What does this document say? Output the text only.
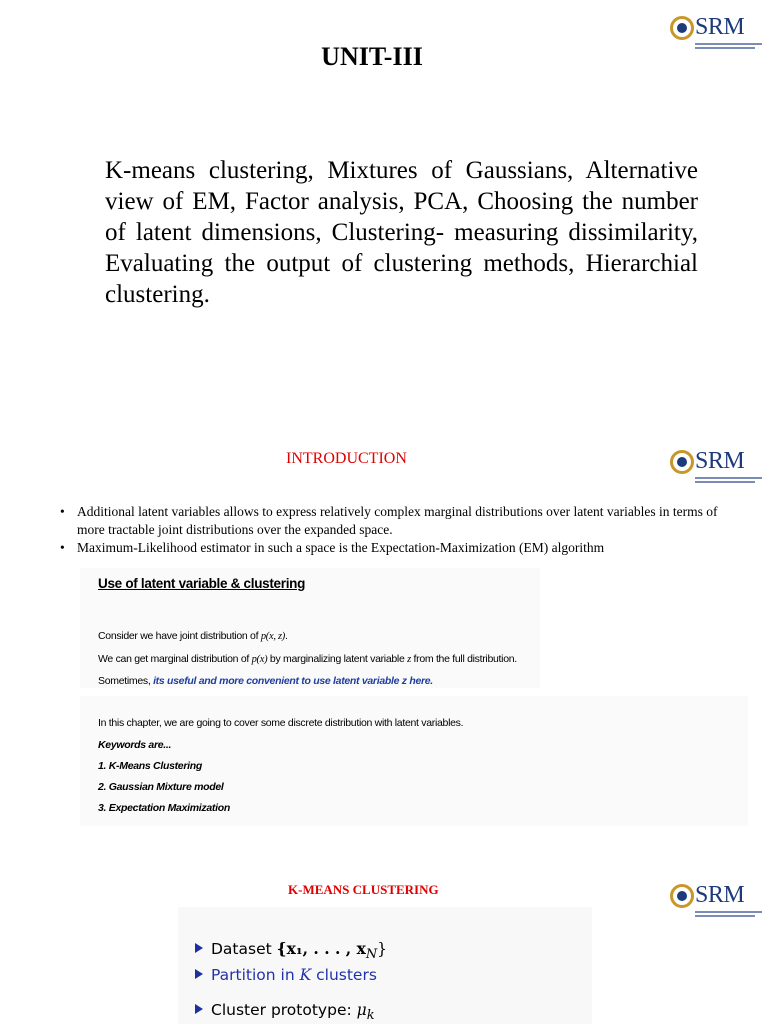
SRM
UNIT-III
K-means clustering, Mixtures of Gaussians, Alternative view of EM, Factor analysis, PCA, Choosing the number of latent dimensions, Clustering- measuring dissimilarity, Evaluating the output of clustering methods, Hierarchial clustering.
SRM
INTRODUCTION
• Additional latent variables allows to express relatively complex marginal distributions over latent variables in terms of more tractable joint distributions over the expanded space.
• Maximum-Likelihood estimator in such a space is the Expectation-Maximization (EM) algorithm
Use of latent variable & clustering
Consider we have joint distribution of p(x, z).
We can get marginal distribution of p(x) by marginalizing latent variable z from the full distribution.
Sometimes, its useful and more convenient to use latent variable z here.
In this chapter, we are going to cover some discrete distribution with latent variables.
Keywords are...
1. K-Means Clustering
2. Gaussian Mixture model
3. Expectation Maximization
SRM
K-MEANS CLUSTERING
Dataset {x₁, . . . , $x_N$}
Partition in K clusters
Cluster prototype: $\mu_k$
